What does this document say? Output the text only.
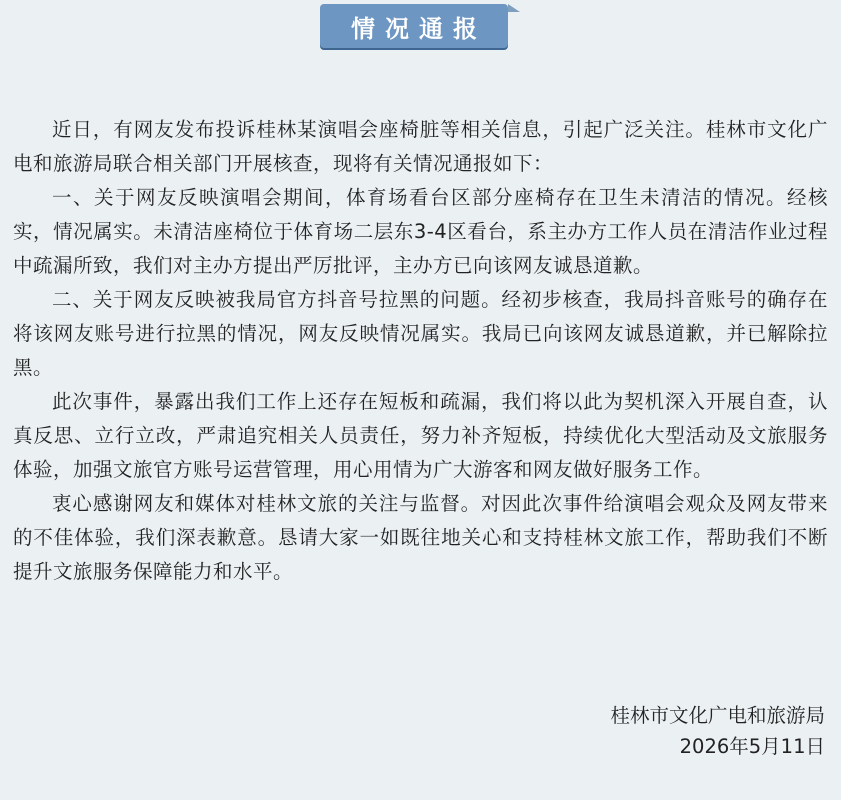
情况通报

近日，有网友发布投诉桂林某演唱会座椅脏等相关信息，引起广泛关注。桂林市文化广电和旅游局联合相关部门开展核查，现将有关情况通报如下：

一、关于网友反映演唱会期间，体育场看台区部分座椅存在卫生未清洁的情况。经核实，情况属实。未清洁座椅位于体育场二层东3-4区看台，系主办方工作人员在清洁作业过程中疏漏所致，我们对主办方提出严厉批评，主办方已向该网友诚恳道歉。

二、关于网友反映被我局官方抖音号拉黑的问题。经初步核查，我局抖音账号的确存在将该网友账号进行拉黑的情况，网友反映情况属实。我局已向该网友诚恳道歉，并已解除拉黑。

此次事件，暴露出我们工作上还存在短板和疏漏，我们将以此为契机深入开展自查，认真反思、立行立改，严肃追究相关人员责任，努力补齐短板，持续优化大型活动及文旅服务体验，加强文旅官方账号运营管理，用心用情为广大游客和网友做好服务工作。

衷心感谢网友和媒体对桂林文旅的关注与监督。对因此次事件给演唱会观众及网友带来的不佳体验，我们深表歉意。恳请大家一如既往地关心和支持桂林文旅工作，帮助我们不断提升文旅服务保障能力和水平。

桂林市文化广电和旅游局
2026年5月11日
